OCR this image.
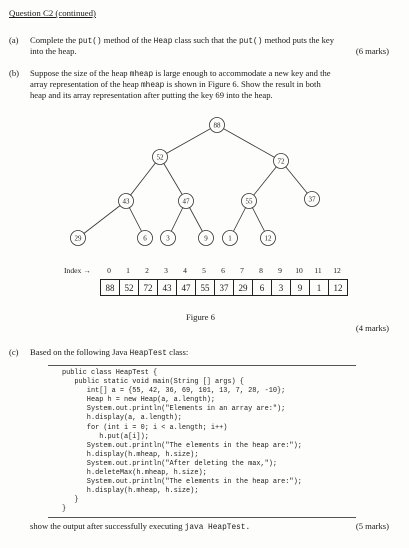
Question C2 (continued)
(a) Complete the put() method of the Heap class such that the put() method puts the key
into the heap.	(6 marks)
(b) Suppose the size of the heap mheap is large enough to accommodate a new key and the
array representation of the heap mheap is shown in Figure 6. Show the result in both
heap and its array representation after putting the key 69 into the heap.
88
52	72
43	47	55	37
29	6	3	9	1	12
Index →	0	1	2	3	4	5	6	7	8	9	10	11	12
88	52	72	43	47	55	37	29	6	3	9	1	12
Figure 6
(4 marks)
(c) Based on the following Java HeapTest class:
public class HeapTest {
public static void main(String [] args) {
int[] a = {55, 42, 36, 69, 101, 13, 7, 28, -10};
Heap h = new Heap(a, a.length);
System.out.println("Elements in an array are:");
h.display(a, a.length);
for (int i = 0; i < a.length; i++)
h.put(a[i]);
System.out.println("The elements in the heap are:");
h.display(h.mheap, h.size);
System.out.println("After deleting the max,");
h.deleteMax(h.mheap, h.size);
System.out.println("The elements in the heap are:");
h.display(h.mheap, h.size);
}
}
show the output after successfully executing java HeapTest.	(5 marks)
